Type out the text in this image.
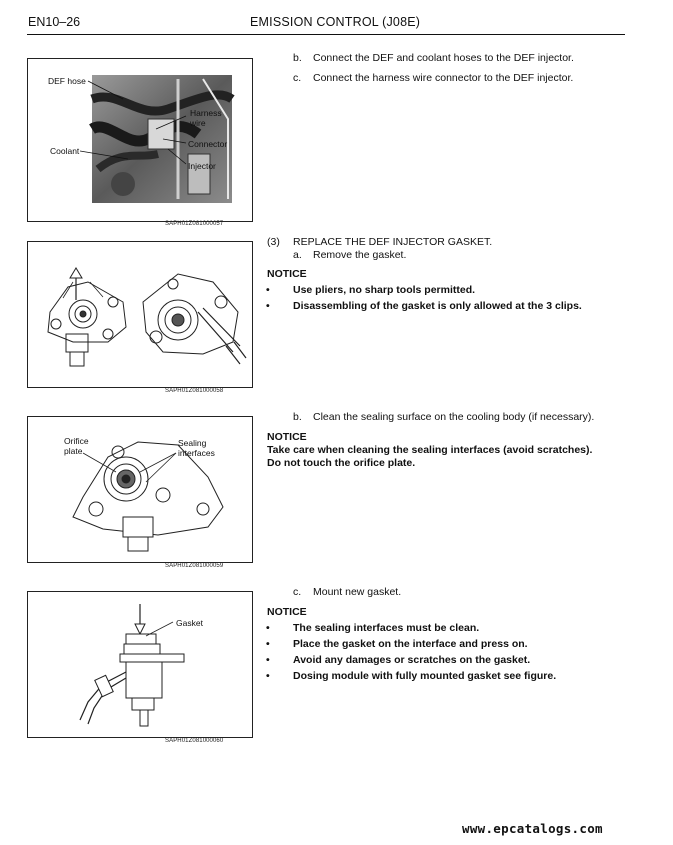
EN10–26	EMISSION CONTROL (J08E)
DEF hose
Coolant
Harness
wire
Connector
Injector
SAPH01Z081000057
SAPH01Z081000058
Orifice
plate
Sealing
interfaces
SAPH01Z081000059
Gasket
SAPH01Z081000060
b. Connect the DEF and coolant hoses to the DEF injector.
c. Connect the harness wire connector to the DEF injector.
(3) REPLACE THE DEF INJECTOR GASKET.
a. Remove the gasket.
NOTICE
• Use pliers, no sharp tools permitted.
• Disassembling of the gasket is only allowed at the 3 clips.
b. Clean the sealing surface on the cooling body (if necessary).
NOTICE
Take care when cleaning the sealing interfaces (avoid scratches).
Do not touch the orifice plate.
c. Mount new gasket.
NOTICE
• The sealing interfaces must be clean.
• Place the gasket on the interface and press on.
• Avoid any damages or scratches on the gasket.
• Dosing module with fully mounted gasket see figure.
www.epcatalogs.com
